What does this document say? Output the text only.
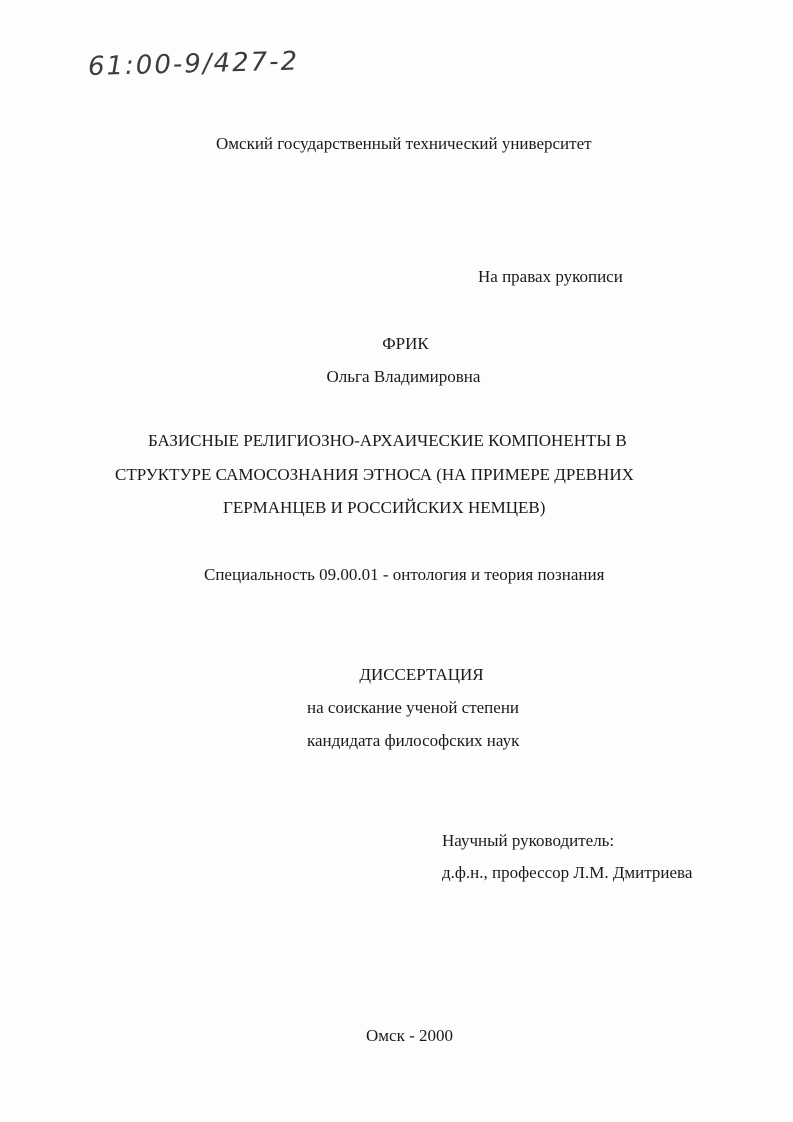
61:00-9/427-2
Омский государственный технический университет
На правах рукописи
ФРИК
Ольга Владимировна
БАЗИСНЫЕ РЕЛИГИОЗНО-АРХАИЧЕСКИЕ КОМПОНЕНТЫ В
СТРУКТУРЕ САМОСОЗНАНИЯ ЭТНОСА (НА ПРИМЕРЕ ДРЕВНИХ
ГЕРМАНЦЕВ И РОССИЙСКИХ НЕМЦЕВ)
Специальность 09.00.01 - онтология и теория познания
ДИССЕРТАЦИЯ
на соискание ученой степени
кандидата философских наук
Научный руководитель:
д.ф.н., профессор Л.М. Дмитриева
Омск - 2000
